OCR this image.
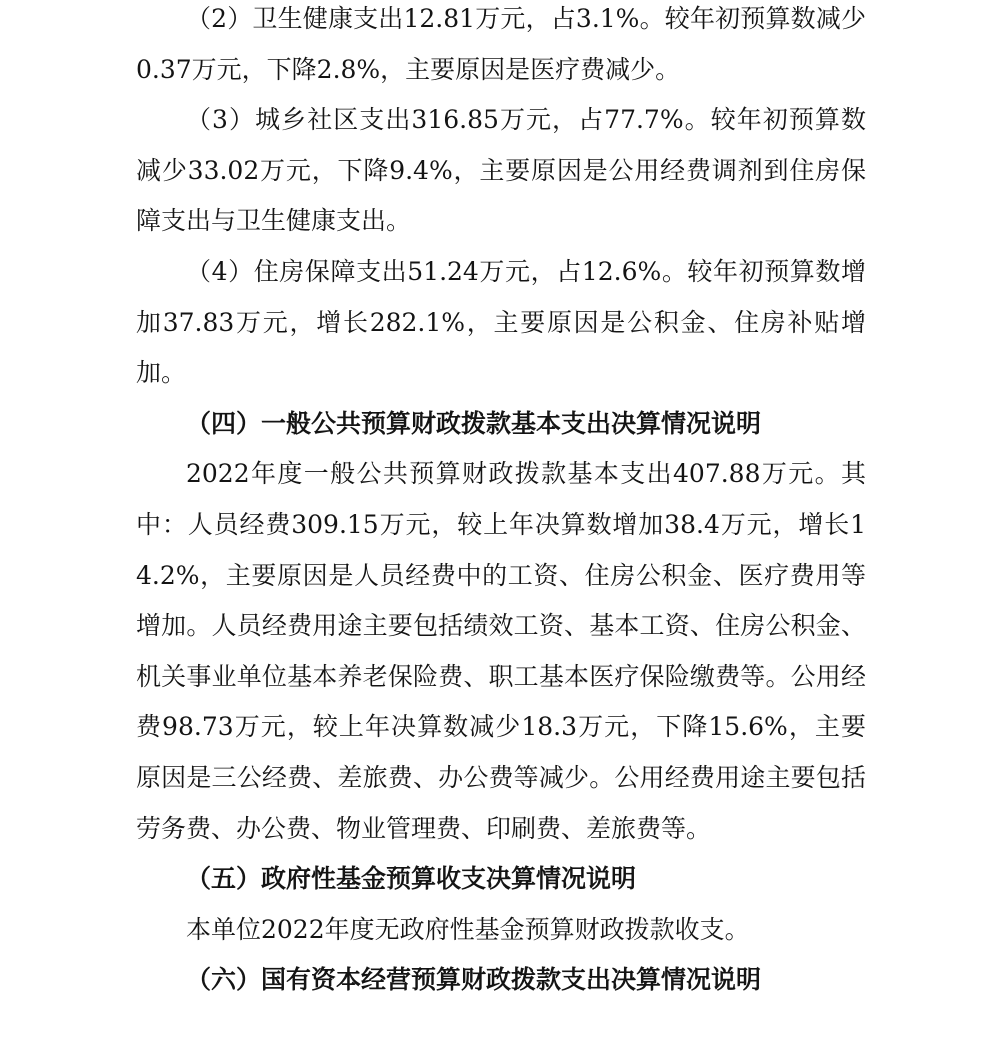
（2）卫生健康支出12.81万元，占3.1%。较年初预算数减少0.37万元，下降2.8%，主要原因是医疗费减少。

（3）城乡社区支出316.85万元，占77.7%。较年初预算数减少33.02万元，下降9.4%，主要原因是公用经费调剂到住房保障支出与卫生健康支出。

（4）住房保障支出51.24万元，占12.6%。较年初预算数增加37.83万元，增长282.1%，主要原因是公积金、住房补贴增加。

（四）一般公共预算财政拨款基本支出决算情况说明

2022年度一般公共预算财政拨款基本支出407.88万元。其中：人员经费309.15万元，较上年决算数增加38.4万元，增长14.2%，主要原因是人员经费中的工资、住房公积金、医疗费用等增加。人员经费用途主要包括绩效工资、基本工资、住房公积金、机关事业单位基本养老保险费、职工基本医疗保险缴费等。公用经费98.73万元，较上年决算数减少18.3万元，下降15.6%，主要原因是三公经费、差旅费、办公费等减少。公用经费用途主要包括劳务费、办公费、物业管理费、印刷费、差旅费等。

（五）政府性基金预算收支决算情况说明

本单位2022年度无政府性基金预算财政拨款收支。

（六）国有资本经营预算财政拨款支出决算情况说明
